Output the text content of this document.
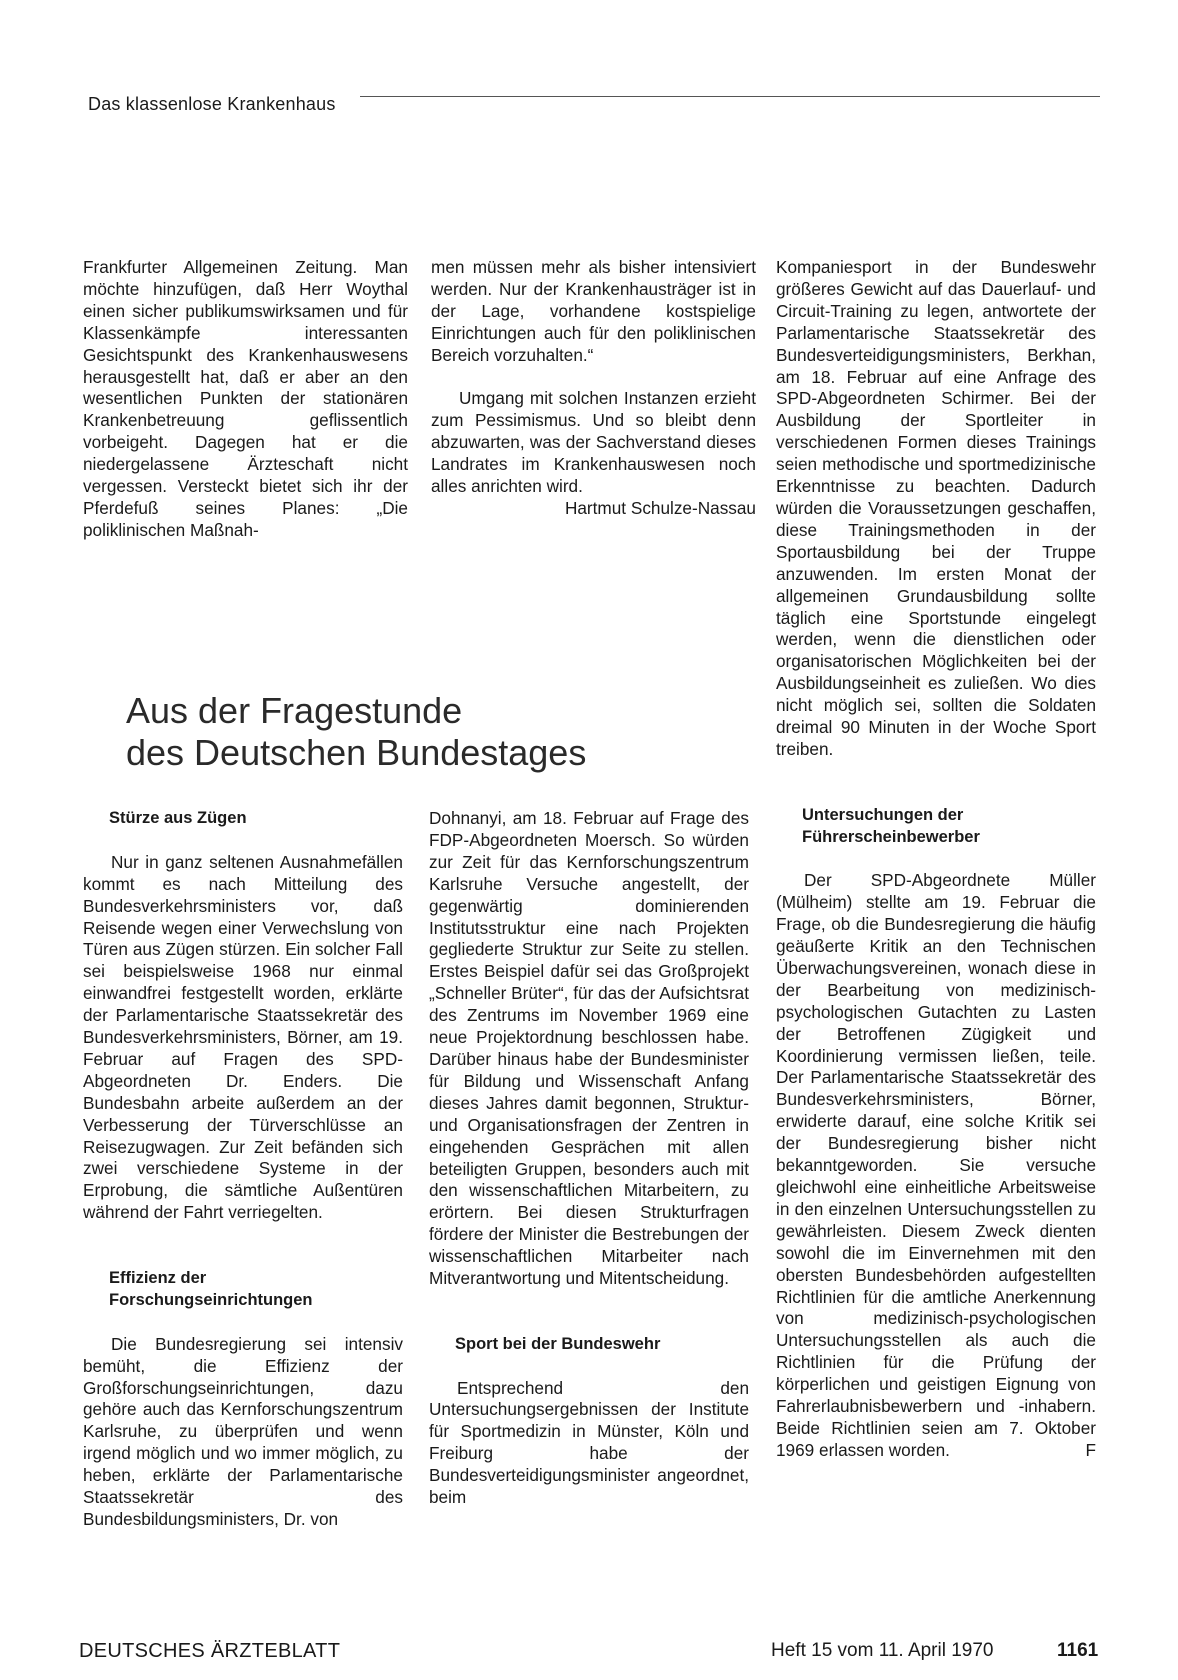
Das klassenlose Krankenhaus

Frankfurter Allgemeinen Zeitung. Man möchte hinzufügen, daß Herr Woythal einen sicher publikumswirksamen und für Klassenkämpfe interessanten Gesichtspunkt des Krankenhauswesens herausgestellt hat, daß er aber an den wesentlichen Punkten der stationären Krankenbetreuung geflissentlich vorbeigeht. Dagegen hat er die niedergelassene Ärzteschaft nicht vergessen. Versteckt bietet sich ihr der Pferdefuß seines Planes: „Die poliklinischen Maßnah-

men müssen mehr als bisher intensiviert werden. Nur der Krankenhausträger ist in der Lage, vorhandene kostspielige Einrichtungen auch für den poliklinischen Bereich vorzuhalten.“

Umgang mit solchen Instanzen erzieht zum Pessimismus. Und so bleibt denn abzuwarten, was der Sachverstand dieses Landrates im Krankenhauswesen noch alles anrichten wird.

Hartmut Schulze-Nassau

Aus der Fragestunde
des Deutschen Bundestages

Stürze aus Zügen

Nur in ganz seltenen Ausnahmefällen kommt es nach Mitteilung des Bundesverkehrsministers vor, daß Reisende wegen einer Verwechslung von Türen aus Zügen stürzen. Ein solcher Fall sei beispielsweise 1968 nur einmal einwandfrei festgestellt worden, erklärte der Parlamentarische Staatssekretär des Bundesverkehrsministers, Börner, am 19. Februar auf Fragen des SPD-Abgeordneten Dr. Enders. Die Bundesbahn arbeite außerdem an der Verbesserung der Türverschlüsse an Reisezugwagen. Zur Zeit befänden sich zwei verschiedene Systeme in der Erprobung, die sämtliche Außentüren während der Fahrt verriegelten.

Effizienz der Forschungseinrichtungen

Die Bundesregierung sei intensiv bemüht, die Effizienz der Großforschungseinrichtungen, dazu gehöre auch das Kernforschungszentrum Karlsruhe, zu überprüfen und wenn irgend möglich und wo immer möglich, zu heben, erklärte der Parlamentarische Staatssekretär des Bundesbildungsministers, Dr. von

Dohnanyi, am 18. Februar auf Frage des FDP-Abgeordneten Moersch. So würden zur Zeit für das Kernforschungszentrum Karlsruhe Versuche angestellt, der gegenwärtig dominierenden Institutsstruktur eine nach Projekten gegliederte Struktur zur Seite zu stellen. Erstes Beispiel dafür sei das Großprojekt „Schneller Brüter“, für das der Aufsichtsrat des Zentrums im November 1969 eine neue Projektordnung beschlossen habe. Darüber hinaus habe der Bundesminister für Bildung und Wissenschaft Anfang dieses Jahres damit begonnen, Struktur- und Organisationsfragen der Zentren in eingehenden Gesprächen mit allen beteiligten Gruppen, besonders auch mit den wissenschaftlichen Mitarbeitern, zu erörtern. Bei diesen Strukturfragen fördere der Minister die Bestrebungen der wissenschaftlichen Mitarbeiter nach Mitverantwortung und Mitentscheidung.

Sport bei der Bundeswehr

Entsprechend den Untersuchungsergebnissen der Institute für Sportmedizin in Münster, Köln und Freiburg habe der Bundesverteidigungsminister angeordnet, beim

Kompaniesport in der Bundeswehr größeres Gewicht auf das Dauerlauf- und Circuit-Training zu legen, antwortete der Parlamentarische Staatssekretär des Bundesverteidigungsministers, Berkhan, am 18. Februar auf eine Anfrage des SPD-Abgeordneten Schirmer. Bei der Ausbildung der Sportleiter in verschiedenen Formen dieses Trainings seien methodische und sportmedizinische Erkenntnisse zu beachten. Dadurch würden die Voraussetzungen geschaffen, diese Trainingsmethoden in der Sportausbildung bei der Truppe anzuwenden. Im ersten Monat der allgemeinen Grundausbildung sollte täglich eine Sportstunde eingelegt werden, wenn die dienstlichen oder organisatorischen Möglichkeiten bei der Ausbildungseinheit es zuließen. Wo dies nicht möglich sei, sollten die Soldaten dreimal 90 Minuten in der Woche Sport treiben.

Untersuchungen der Führerscheinbewerber

Der SPD-Abgeordnete Müller (Mülheim) stellte am 19. Februar die Frage, ob die Bundesregierung die häufig geäußerte Kritik an den Technischen Überwachungsvereinen, wonach diese in der Bearbeitung von medizinisch-psychologischen Gutachten zu Lasten der Betroffenen Zügigkeit und Koordinierung vermissen ließen, teile. Der Parlamentarische Staatssekretär des Bundesverkehrsministers, Börner, erwiderte darauf, eine solche Kritik sei der Bundesregierung bisher nicht bekanntgeworden. Sie versuche gleichwohl eine einheitliche Arbeitsweise in den einzelnen Untersuchungsstellen zu gewährleisten. Diesem Zweck dienten sowohl die im Einvernehmen mit den obersten Bundesbehörden aufgestellten Richtlinien für die amtliche Anerkennung von medizinisch-psychologischen Untersuchungsstellen als auch die Richtlinien für die Prüfung der körperlichen und geistigen Eignung von Fahrerlaubnisbewerbern und -inhabern. Beide Richtlinien seien am 7. Oktober 1969 erlassen worden.	F

DEUTSCHES ÄRZTEBLATT	Heft 15 vom 11. April 1970	1161
